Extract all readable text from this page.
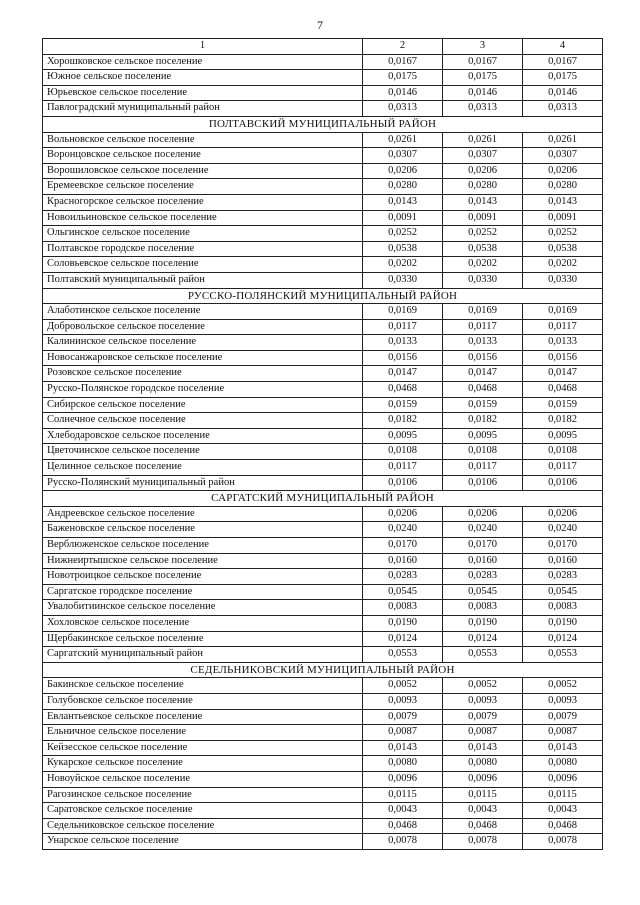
7
1	2	3	4
Хорошковское сельское поселение	0,0167	0,0167	0,0167
Южное сельское поселение	0,0175	0,0175	0,0175
Юрьевское сельское поселение	0,0146	0,0146	0,0146
Павлоградский муниципальный район	0,0313	0,0313	0,0313
ПОЛТАВСКИЙ МУНИЦИПАЛЬНЫЙ РАЙОН			
Вольновское сельское поселение	0,0261	0,0261	0,0261
Воронцовское сельское поселение	0,0307	0,0307	0,0307
Ворошиловское сельское поселение	0,0206	0,0206	0,0206
Еремеевское сельское поселение	0,0280	0,0280	0,0280
Красногорское сельское поселение	0,0143	0,0143	0,0143
Новоильиновское сельское поселение	0,0091	0,0091	0,0091
Ольгинское сельское поселение	0,0252	0,0252	0,0252
Полтавское городское поселение	0,0538	0,0538	0,0538
Соловьевское сельское поселение	0,0202	0,0202	0,0202
Полтавский муниципальный район	0,0330	0,0330	0,0330
РУССКО-ПОЛЯНСКИЙ МУНИЦИПАЛЬНЫЙ РАЙОН			
Алаботинское сельское поселение	0,0169	0,0169	0,0169
Добровольское сельское поселение	0,0117	0,0117	0,0117
Калининское сельское поселение	0,0133	0,0133	0,0133
Новосанжаровское сельское поселение	0,0156	0,0156	0,0156
Розовское сельское поселение	0,0147	0,0147	0,0147
Русско-Полянское городское поселение	0,0468	0,0468	0,0468
Сибирское сельское поселение	0,0159	0,0159	0,0159
Солнечное сельское поселение	0,0182	0,0182	0,0182
Хлебодаровское сельское поселение	0,0095	0,0095	0,0095
Цветочинское сельское поселение	0,0108	0,0108	0,0108
Целинное сельское поселение	0,0117	0,0117	0,0117
Русско-Полянский муниципальный район	0,0106	0,0106	0,0106
САРГАТСКИЙ МУНИЦИПАЛЬНЫЙ РАЙОН			
Андреевское сельское поселение	0,0206	0,0206	0,0206
Баженовское сельское поселение	0,0240	0,0240	0,0240
Верблюженское сельское поселение	0,0170	0,0170	0,0170
Нижнеиртышское сельское поселение	0,0160	0,0160	0,0160
Новотроицкое сельское поселение	0,0283	0,0283	0,0283
Саргатское городское поселение	0,0545	0,0545	0,0545
Увалобитиинское сельское поселение	0,0083	0,0083	0,0083
Хохловское сельское поселение	0,0190	0,0190	0,0190
Щербакинское сельское поселение	0,0124	0,0124	0,0124
Саргатский муниципальный район	0,0553	0,0553	0,0553
СЕДЕЛЬНИКОВСКИЙ МУНИЦИПАЛЬНЫЙ РАЙОН			
Бакинское сельское поселение	0,0052	0,0052	0,0052
Голубовское сельское поселение	0,0093	0,0093	0,0093
Евлантьевское сельское поселение	0,0079	0,0079	0,0079
Ельничное сельское поселение	0,0087	0,0087	0,0087
Кейзесское сельское поселение	0,0143	0,0143	0,0143
Кукарское сельское поселение	0,0080	0,0080	0,0080
Новоуйское сельское поселение	0,0096	0,0096	0,0096
Рагозинское сельское поселение	0,0115	0,0115	0,0115
Саратовское сельское поселение	0,0043	0,0043	0,0043
Седельниковское сельское поселение	0,0468	0,0468	0,0468
Унарское сельское поселение	0,0078	0,0078	0,0078
